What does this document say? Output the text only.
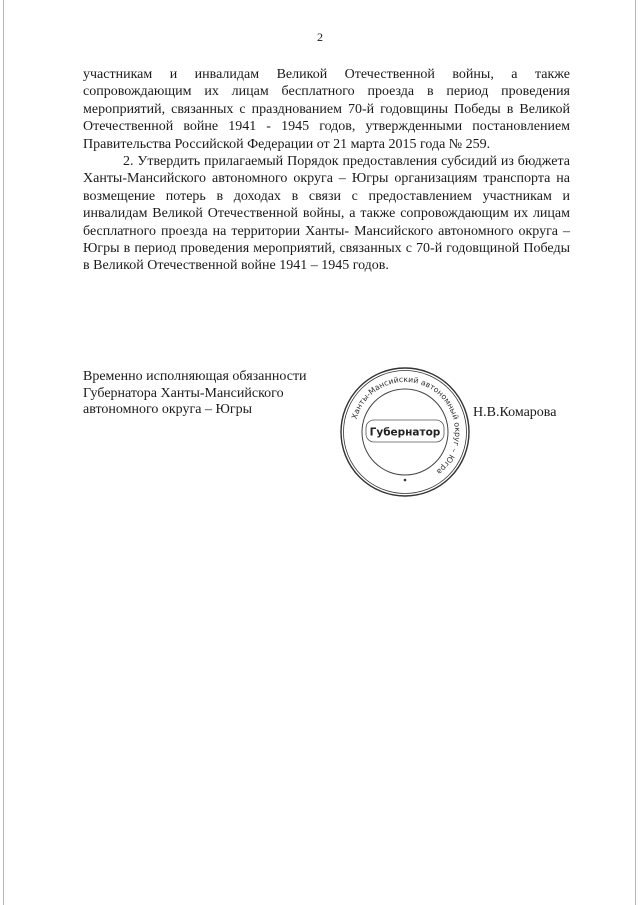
2

участникам и инвалидам Великой Отечественной войны, а также сопровождающим их лицам бесплатного проезда в период проведения мероприятий, связанных с празднованием 70-й годовщины Победы в Великой Отечественной войне 1941 - 1945 годов, утвержденными постановлением Правительства Российской Федерации от 21 марта 2015 года № 259.

2. Утвердить прилагаемый Порядок предоставления субсидий из бюджета Ханты-Мансийского автономного округа – Югры организациям транспорта на возмещение потерь в доходах в связи с предоставлением участникам и инвалидам Великой Отечественной войны, а также сопровождающим их лицам бесплатного проезда на территории Ханты- Мансийского автономного округа – Югры в период проведения мероприятий, связанных с 70-й годовщиной Победы в Великой Отечественной войне 1941 – 1945 годов.

Временно исполняющая обязанности
Губернатора Ханты-Мансийского
автономного округа – Югры	Ханты-Мансийский автономный округ – Югра
Губернатор
Н.В.Комарова
